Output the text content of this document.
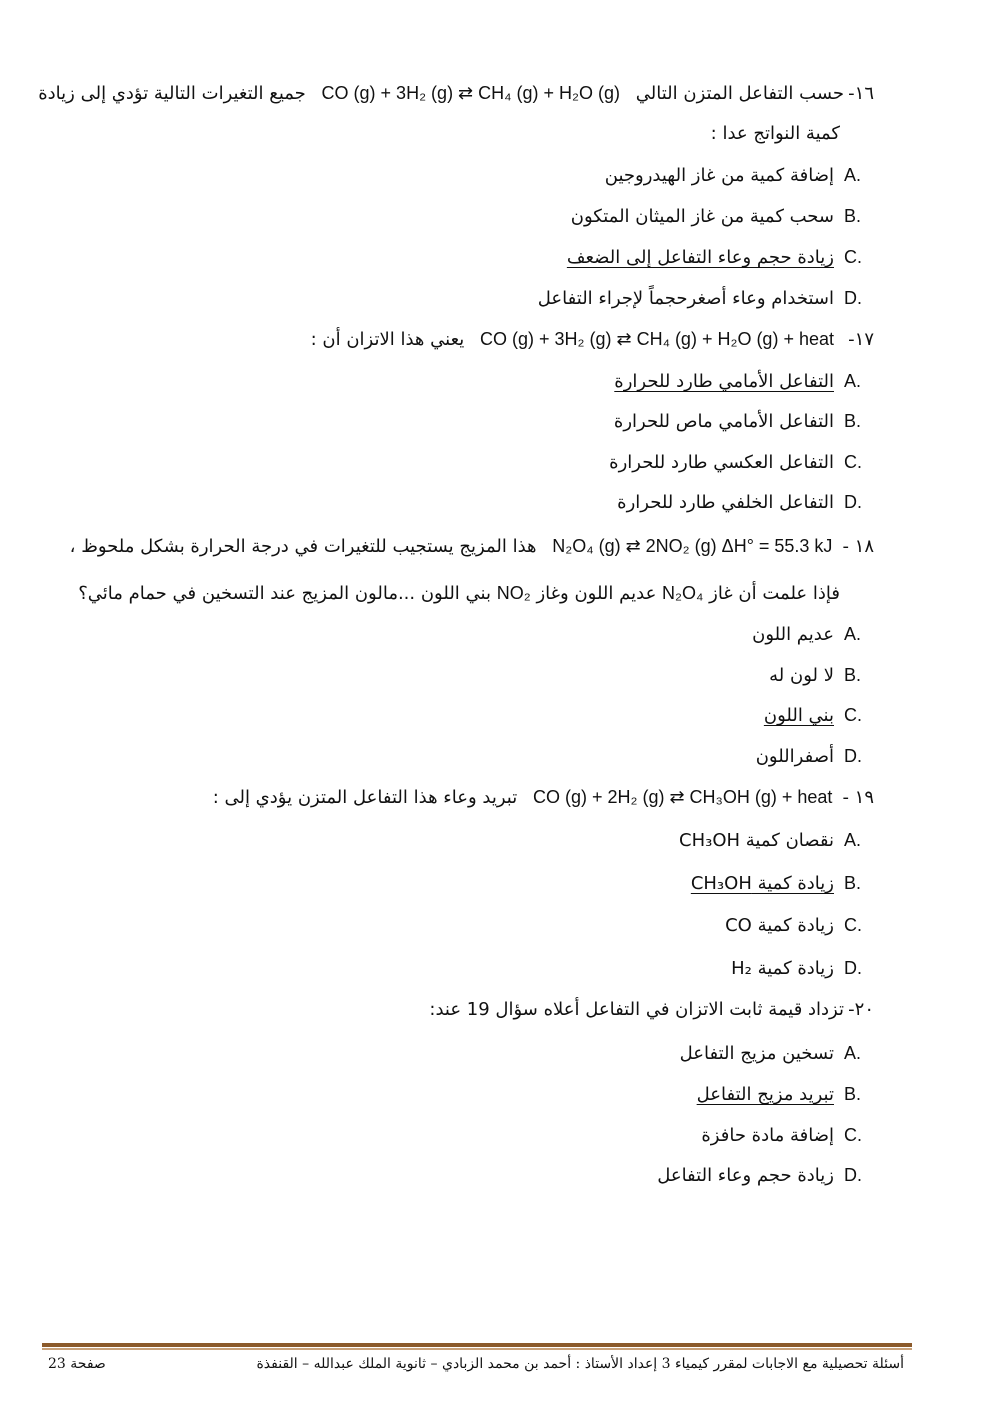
١٦-حسب التفاعل المتزن التالي CO (g) + 3H₂ (g) ⇄ CH₄ (g) + H₂O (g) جميع التغيرات التالية تؤدي إلى زيادة
كمية النواتج عدا :
A.إضافة كمية من غاز الهيدروجين
B.سحب كمية من غاز الميثان المتكون
C.زيادة حجم وعاء التفاعل إلى الضعف
D.استخدام وعاء أصغرحجماً لإجراء التفاعل
١٧-CO (g) + 3H₂ (g) ⇄ CH₄ (g) + H₂O (g) + heat يعني هذا الاتزان أن :
A.التفاعل الأمامي طارد للحرارة
B.التفاعل الأمامي ماص للحرارة
C.التفاعل العكسي طارد للحرارة
D.التفاعل الخلفي طارد للحرارة
١٨ -N₂O₄ (g) ⇄ 2NO₂ (g) ΔH° = 55.3 kJ هذا المزيج يستجيب للتغيرات في درجة الحرارة بشكل ملحوظ ،
فإذا علمت أن غاز N₂O₄ عديم اللون وغاز NO₂ بني اللون ...مالون المزيج عند التسخين في حمام مائي؟
A.عديم اللون
B.لا لون له
C.بني اللون
D.أصفراللون
١٩ -CO (g) + 2H₂ (g) ⇄ CH₃OH (g) + heat تبريد وعاء هذا التفاعل المتزن يؤدي إلى :
A.نقصان كمية CH₃OH
B.زيادة كمية CH₃OH
C.زيادة كمية CO
D.زيادة كمية H₂
٢٠-تزداد قيمة ثابت الاتزان في التفاعل أعلاه سؤال 19 عند:
A.تسخين مزيج التفاعل
B.تبريد مزيج التفاعل
C.إضافة مادة حافزة
D.زيادة حجم وعاء التفاعل
أسئلة تحصيلية مع الاجابات لمقرر كيمياء 3 إعداد الأستاذ : أحمد بن محمد الزبادي – ثانوية الملك عبدالله – القنفذة
صفحة 23
